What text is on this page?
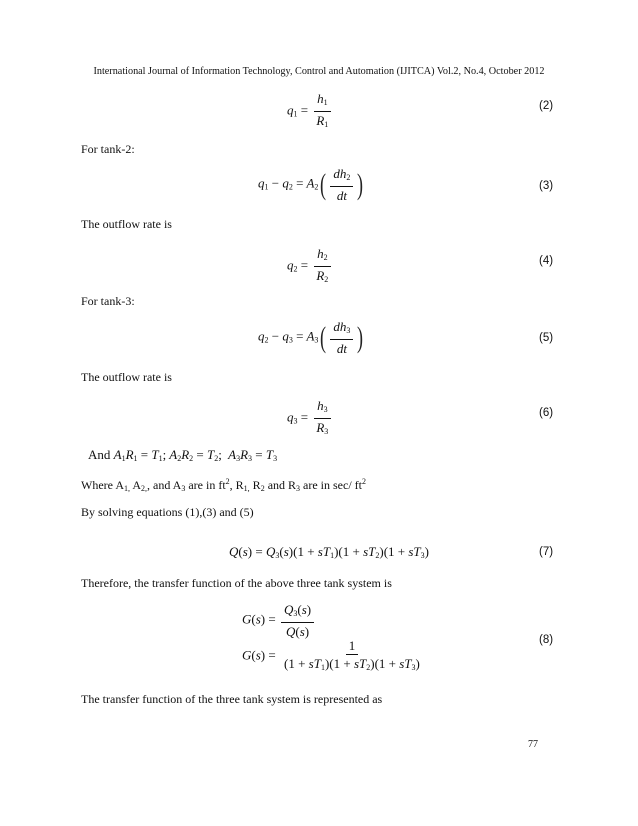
International Journal of Information Technology, Control and Automation (IJITCA) Vol.2, No.4, October 2012
$q_1 = \frac{h_1}{R_1}$	(2)
For tank-2:
$q_1 - q_2 = A_2( \frac{dh_2}{dt}$ )	(3)
The outflow rate is
$q_2 = \frac{h_2}{R_2}$	(4)
For tank-3:
$q_2 - q_3 = A_3( \frac{dh_3}{dt}$ )	(5)
The outflow rate is
$q_3 = \frac{h_3}{R_3}$	(6)
And $A_1R_1 = T_1$; $A_2R_2 = T_2$;  $A_3R_3 = T_3$
Where A1, A2,, and A3 are in $ft^2$, R1, R2 and R3 are in sec/ $ft^2$
By solving equations (1),(3) and (5)
$Q(s) = Q_3(s)(1 + sT_1)(1 + sT_2)(1 + sT_3)$	(7)
Therefore, the transfer function of the above three tank system is
$G(s) = \frac{Q_3(s)}{Q(s)}$
$G(s) = \frac{1}{(1 + sT_1)(1 + sT_2)(1 + sT_3)}$	(8)
The transfer function of the three tank system is represented as
77
